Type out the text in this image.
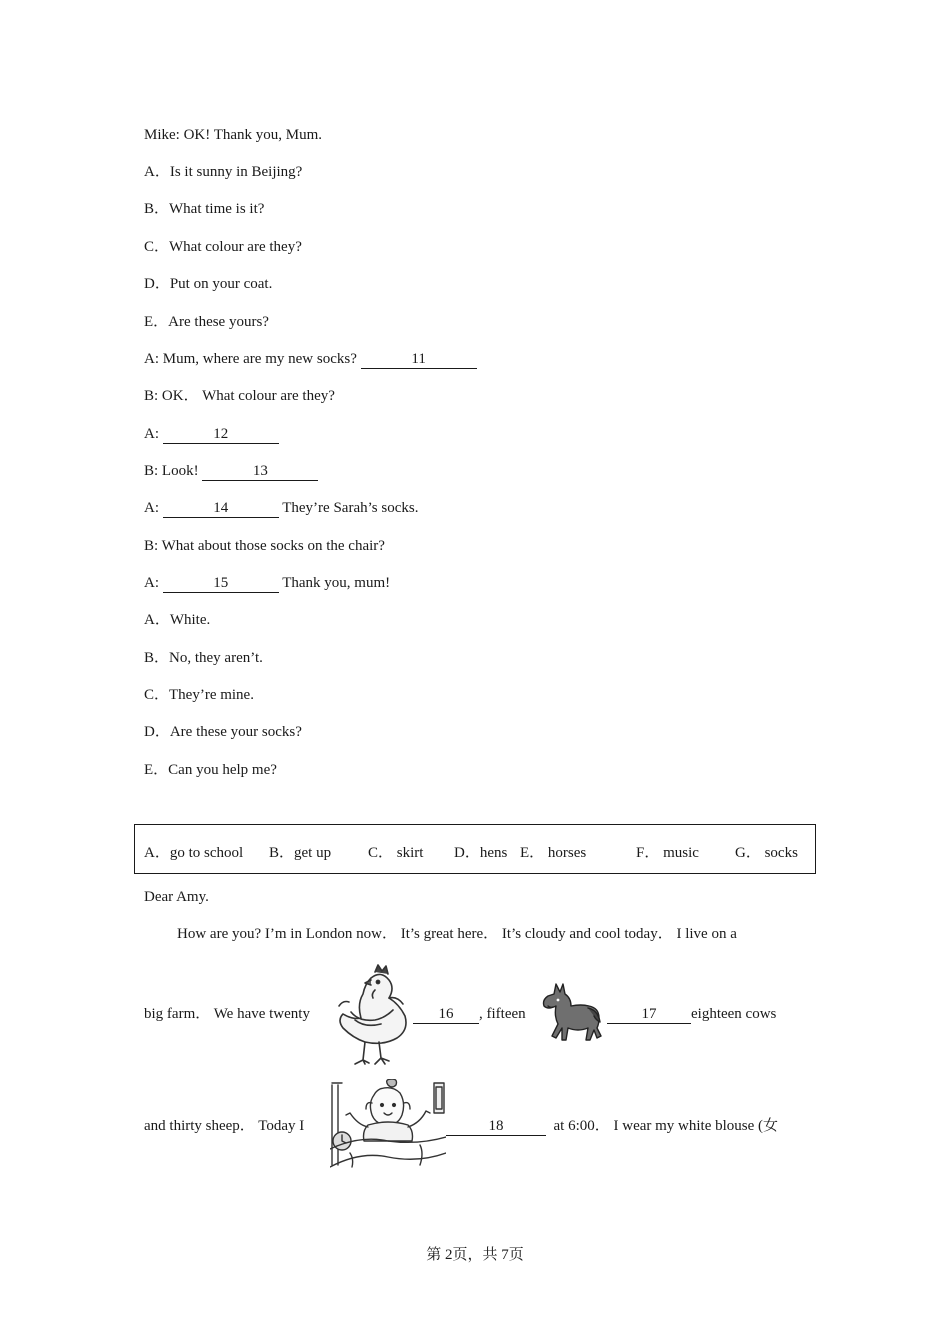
Mike: OK! Thank you, Mum.
A．Is it sunny in Beijing?
B．What time is it?
C．What colour are they?
D．Put on your coat.
E．Are these yours?
A: Mum, where are my new socks?	11
B: OK． What colour are they?
A:	12
B: Look!	13
A:	14	They’re Sarah’s socks.
B: What about those socks on the chair?
A:	15	Thank you, mum!
A．White.
B．No, they aren’t.
C．They’re mine.
D．Are these your socks?
E．Can you help me?
A．go to school B．get up C． skirt D．hens E． horses	F． music G． socks
Dear Amy.
How are you? I’m in London now． It’s great here． It’s cloudy and cool today． I live on a
big farm． We have twenty	16 , fifteen	17 eighteen cows
and thirty sheep． Today I	18	at 6:00． I wear my white blouse (女
第 2页，共 7页
